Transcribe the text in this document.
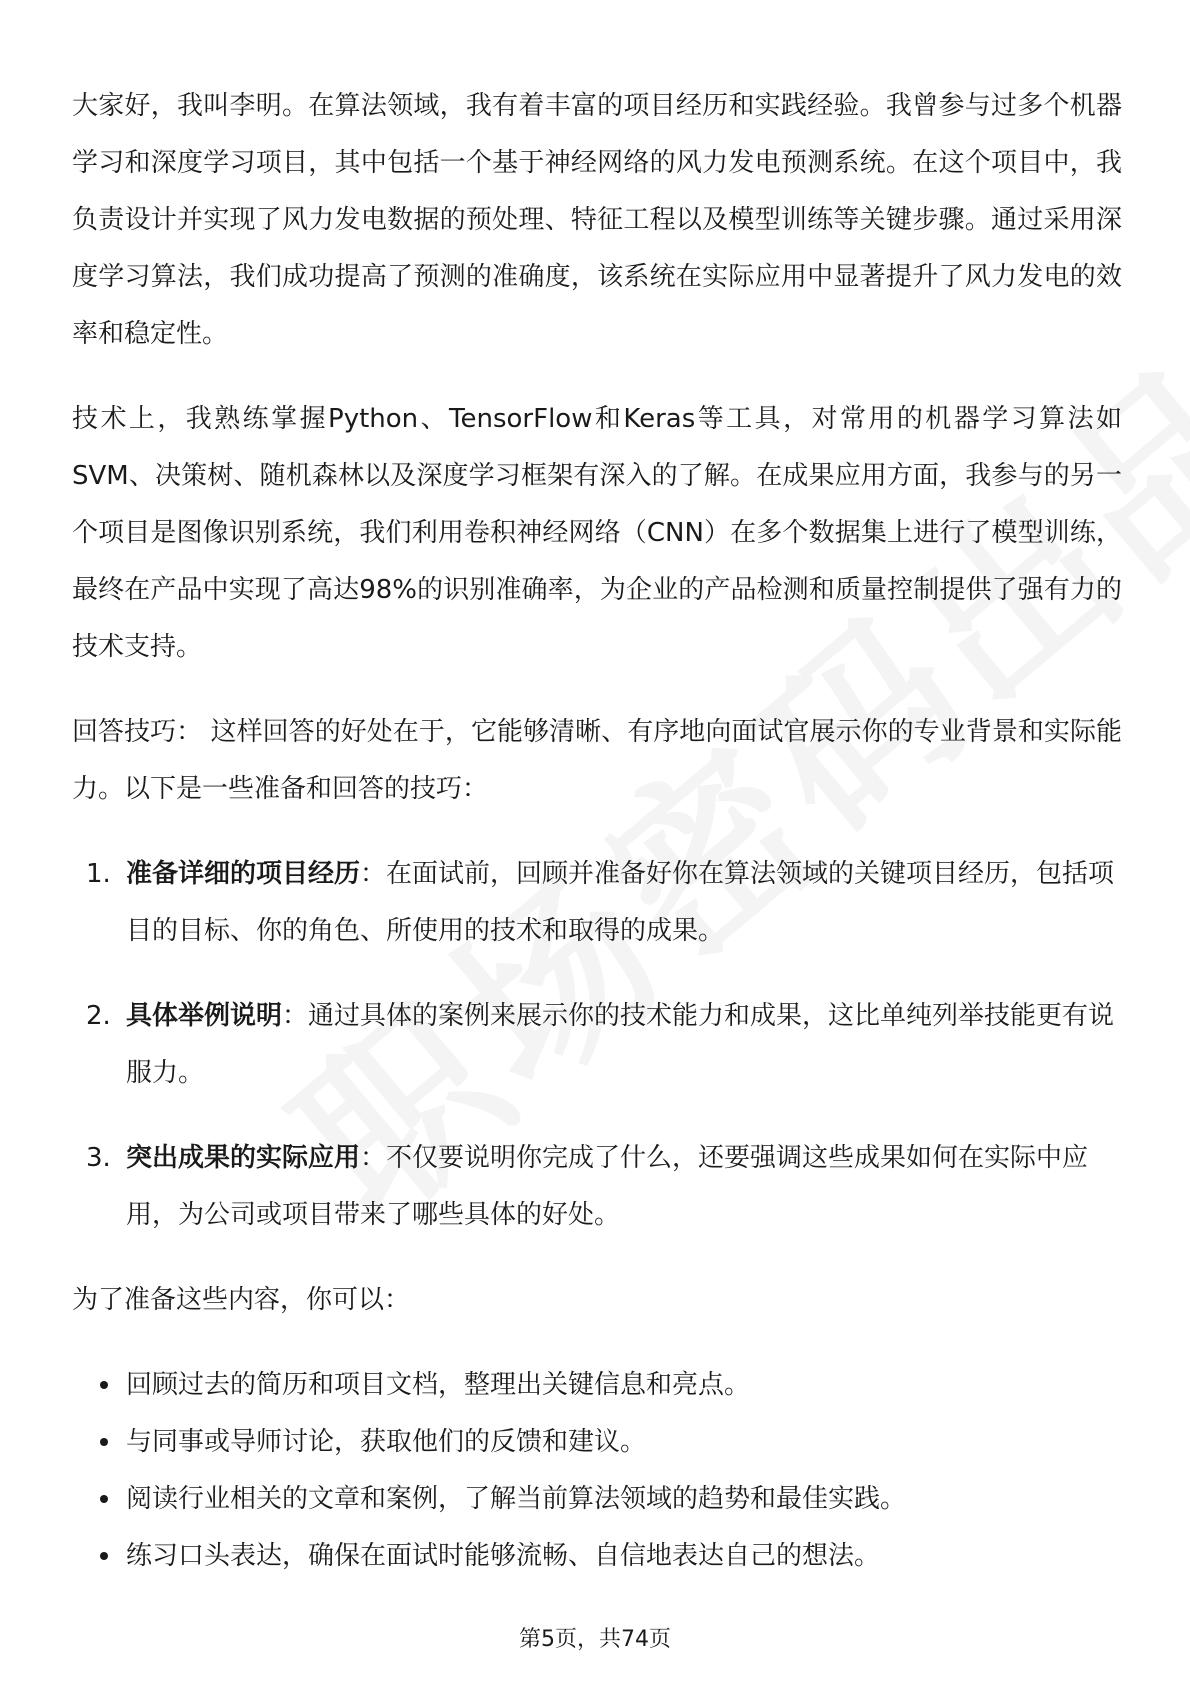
大家好，我叫李明。在算法领域，我有着丰富的项目经历和实践经验。我曾参与过多个机器学习和深度学习项目，其中包括一个基于神经网络的风力发电预测系统。在这个项目中，我负责设计并实现了风力发电数据的预处理、特征工程以及模型训练等关键步骤。通过采用深度学习算法，我们成功提高了预测的准确度，该系统在实际应用中显著提升了风力发电的效率和稳定性。

技术上，我熟练掌握Python、TensorFlow和Keras等工具，对常用的机器学习算法如SVM、决策树、随机森林以及深度学习框架有深入的了解。在成果应用方面，我参与的另一个项目是图像识别系统，我们利用卷积神经网络（CNN）在多个数据集上进行了模型训练，最终在产品中实现了高达98%的识别准确率，为企业的产品检测和质量控制提供了强有力的技术支持。

回答技巧： 这样回答的好处在于，它能够清晰、有序地向面试官展示你的专业背景和实际能力。以下是一些准备和回答的技巧：

1. 准备详细的项目经历：在面试前，回顾并准备好你在算法领域的关键项目经历，包括项目的目标、你的角色、所使用的技术和取得的成果。
2. 具体举例说明：通过具体的案例来展示你的技术能力和成果，这比单纯列举技能更有说服力。
3. 突出成果的实际应用：不仅要说明你完成了什么，还要强调这些成果如何在实际中应用，为公司或项目带来了哪些具体的好处。

为了准备这些内容，你可以：

回顾过去的简历和项目文档，整理出关键信息和亮点。
与同事或导师讨论，获取他们的反馈和建议。
阅读行业相关的文章和案例，了解当前算法领域的趋势和最佳实践。
练习口头表达，确保在面试时能够流畅、自信地表达自己的想法。
第5页，共74页
